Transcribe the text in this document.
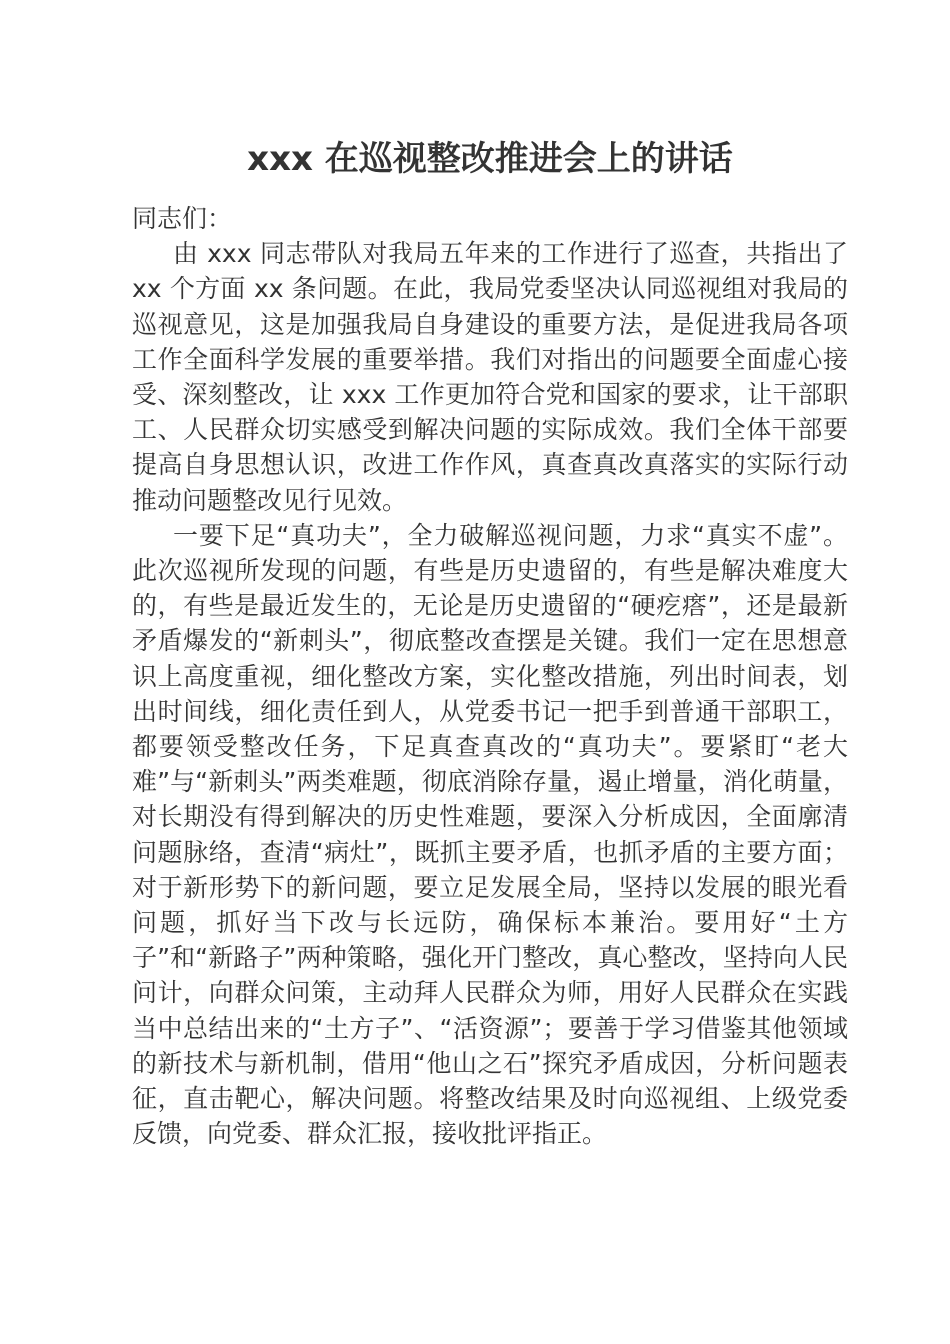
xxx 在巡视整改推进会上的讲话

同志们：

由 xxx 同志带队对我局五年来的工作进行了巡查，共指出了 xx 个方面 xx 条问题。在此，我局党委坚决认同巡视组对我局的巡视意见，这是加强我局自身建设的重要方法，是促进我局各项工作全面科学发展的重要举措。我们对指出的问题要全面虚心接受、深刻整改，让 xxx 工作更加符合党和国家的要求，让干部职工、人民群众切实感受到解决问题的实际成效。我们全体干部要提高自身思想认识，改进工作作风，真查真改真落实的实际行动推动问题整改见行见效。

一要下足“真功夫”，全力破解巡视问题，力求“真实不虚”。此次巡视所发现的问题，有些是历史遗留的，有些是解决难度大的，有些是最近发生的，无论是历史遗留的“硬疙瘩”，还是最新矛盾爆发的“新刺头”，彻底整改查摆是关键。我们一定在思想意识上高度重视，细化整改方案，实化整改措施，列出时间表，划出时间线，细化责任到人，从党委书记一把手到普通干部职工，都要领受整改任务，下足真查真改的“真功夫”。要紧盯“老大难”与“新刺头”两类难题，彻底消除存量，遏止增量，消化萌量，对长期没有得到解决的历史性难题，要深入分析成因，全面廓清问题脉络，查清“病灶”，既抓主要矛盾，也抓矛盾的主要方面；对于新形势下的新问题，要立足发展全局，坚持以发展的眼光看问题，抓好当下改与长远防，确保标本兼治。要用好“土方子”和“新路子”两种策略，强化开门整改，真心整改，坚持向人民问计，向群众问策，主动拜人民群众为师，用好人民群众在实践当中总结出来的“土方子”、“活资源”；要善于学习借鉴其他领域的新技术与新机制，借用“他山之石”探究矛盾成因，分析问题表征，直击靶心，解决问题。将整改结果及时向巡视组、上级党委反馈，向党委、群众汇报，接收批评指正。
